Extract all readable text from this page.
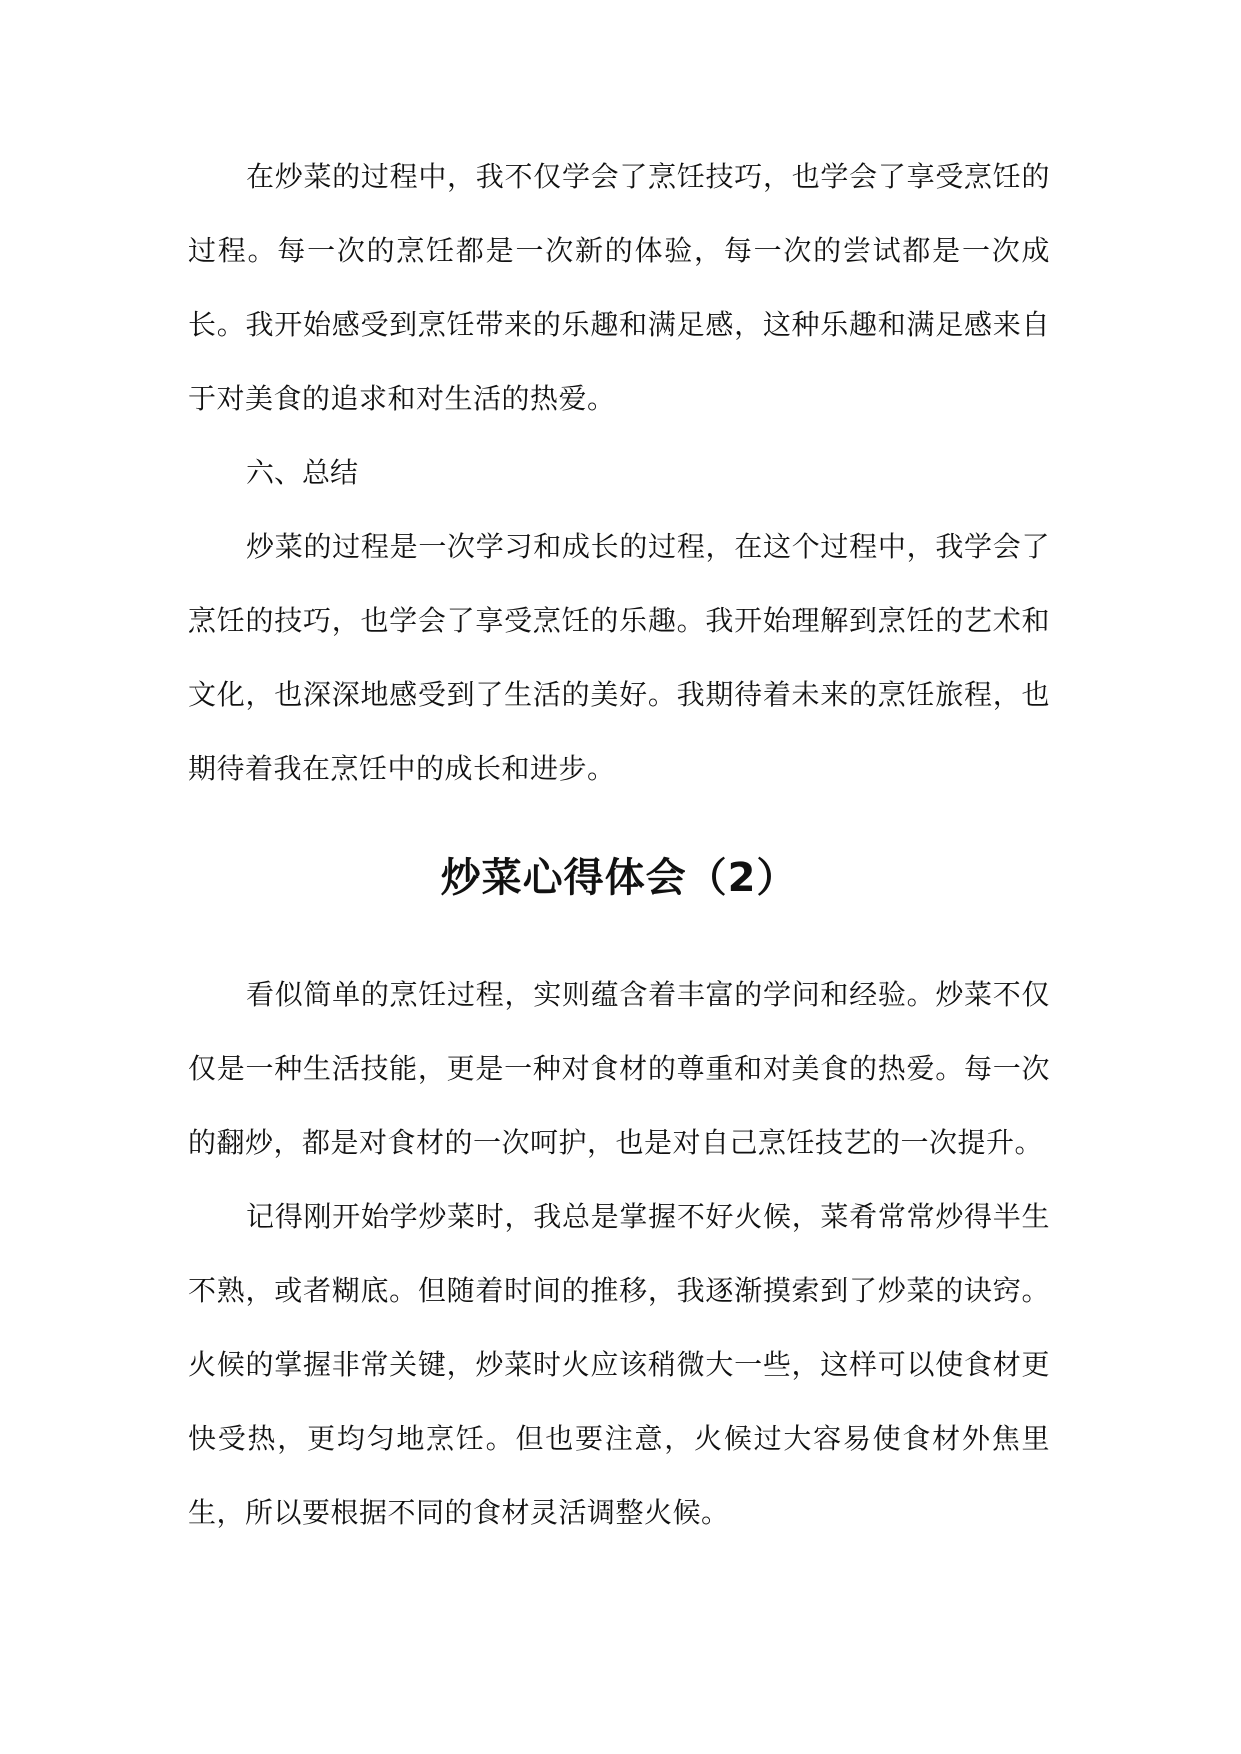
在炒菜的过程中，我不仅学会了烹饪技巧，也学会了享受烹饪的过程。每一次的烹饪都是一次新的体验，每一次的尝试都是一次成长。我开始感受到烹饪带来的乐趣和满足感，这种乐趣和满足感来自于对美食的追求和对生活的热爱。

六、总结

炒菜的过程是一次学习和成长的过程，在这个过程中，我学会了烹饪的技巧，也学会了享受烹饪的乐趣。我开始理解到烹饪的艺术和文化，也深深地感受到了生活的美好。我期待着未来的烹饪旅程，也期待着我在烹饪中的成长和进步。

炒菜心得体会（2）

看似简单的烹饪过程，实则蕴含着丰富的学问和经验。炒菜不仅仅是一种生活技能，更是一种对食材的尊重和对美食的热爱。每一次的翻炒，都是对食材的一次呵护，也是对自己烹饪技艺的一次提升。

记得刚开始学炒菜时，我总是掌握不好火候，菜肴常常炒得半生不熟，或者糊底。但随着时间的推移，我逐渐摸索到了炒菜的诀窍。火候的掌握非常关键，炒菜时火应该稍微大一些，这样可以使食材更快受热，更均匀地烹饪。但也要注意，火候过大容易使食材外焦里生，所以要根据不同的食材灵活调整火候。
